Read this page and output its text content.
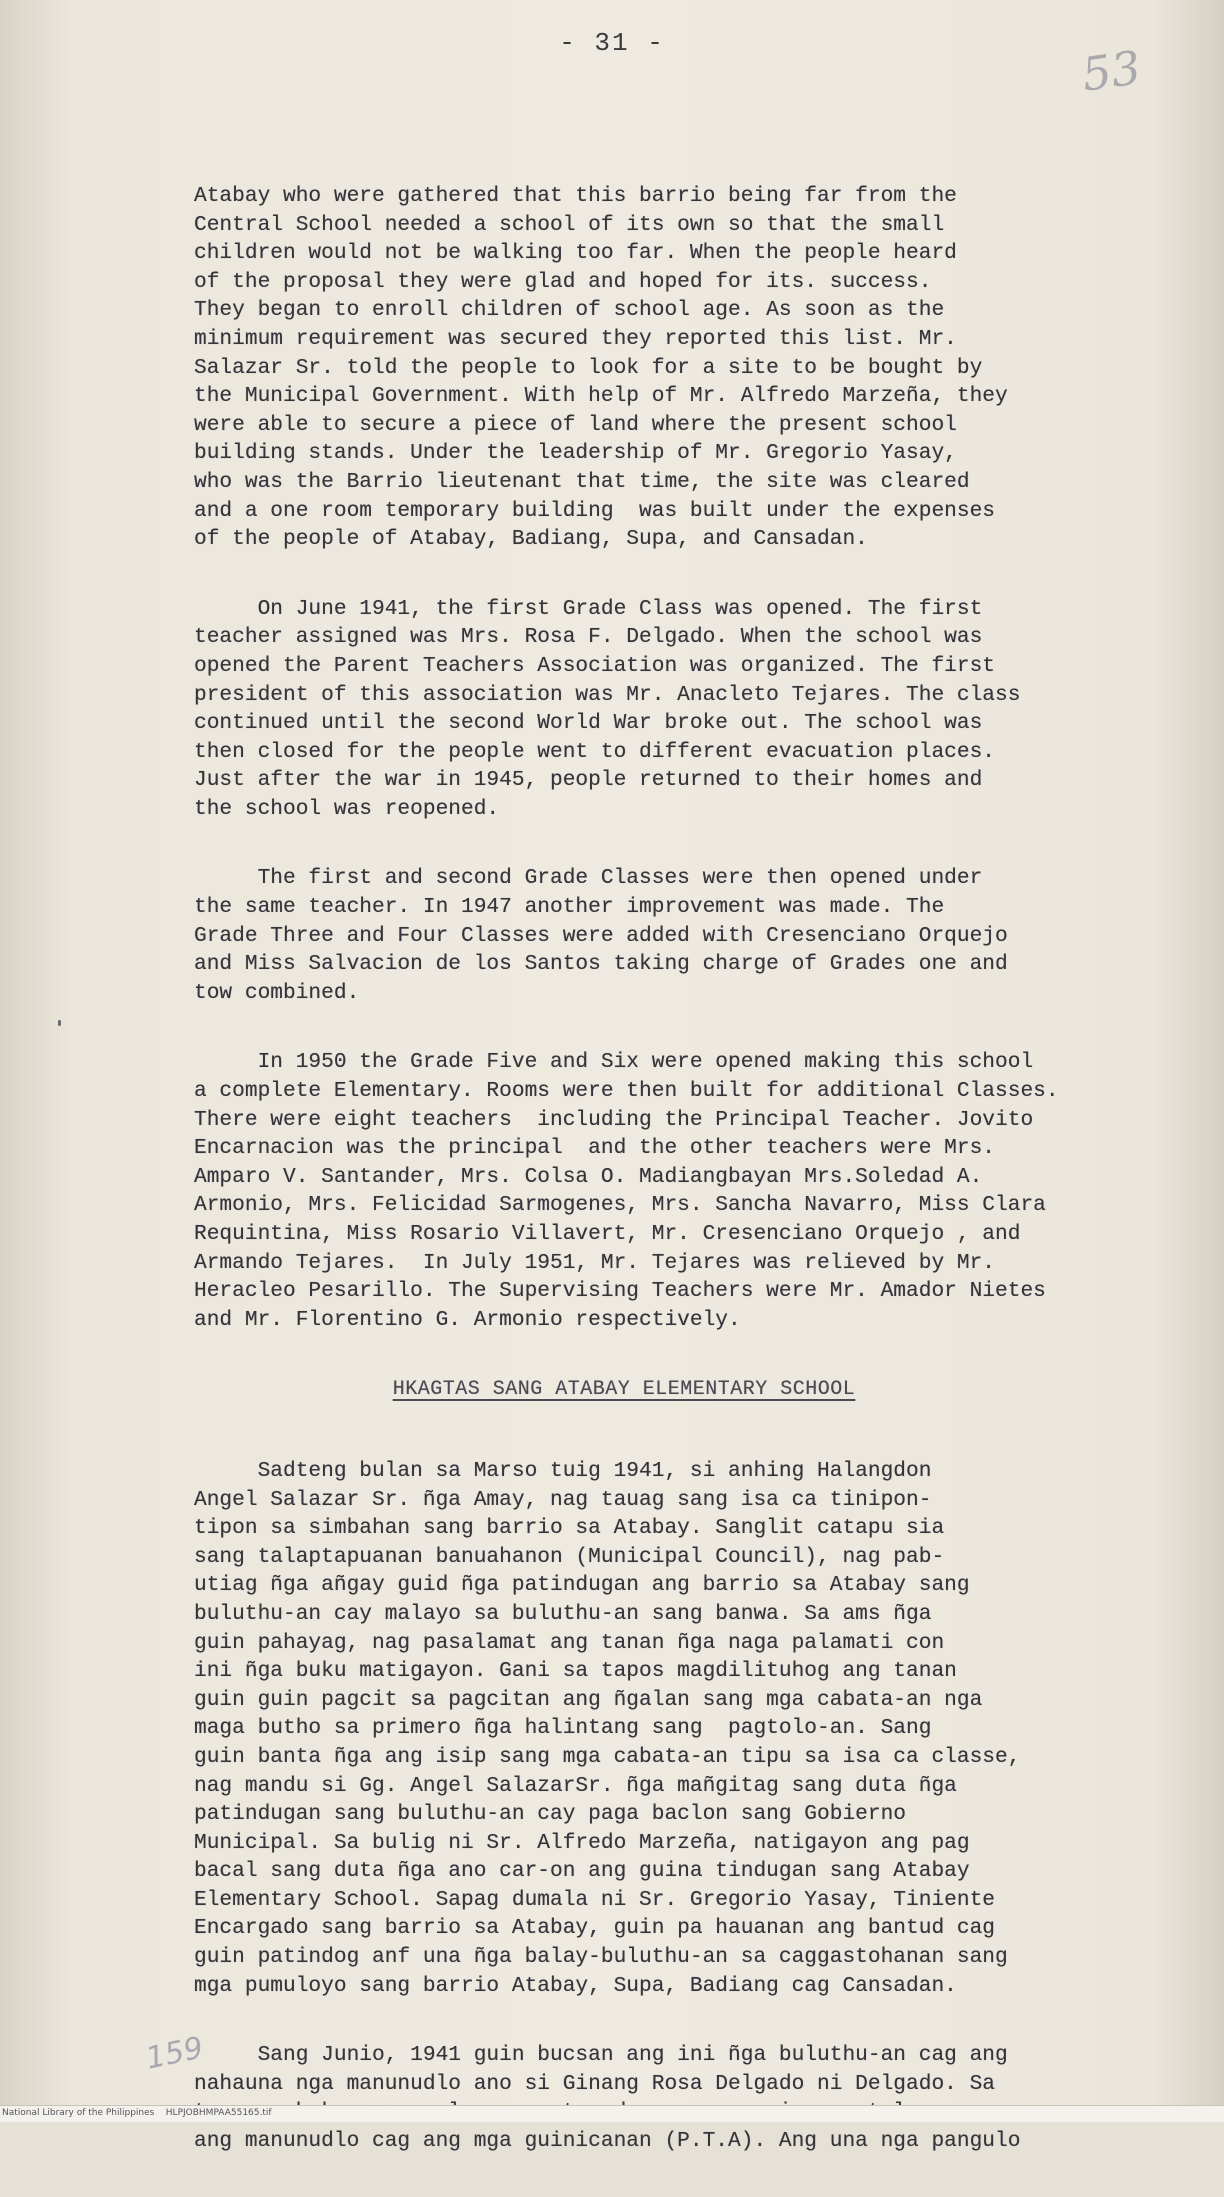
- 31 -	53
Atabay who were gathered that this barrio being far from the
Central School needed a school of its own so that the small
children would not be walking too far. When the people heard
of the proposal they were glad and hoped for its. success.
They began to enroll children of school age. As soon as the
minimum requirement was secured they reported this list. Mr.
Salazar Sr. told the people to look for a site to be bought by
the Municipal Government. With help of Mr. Alfredo Marzeña, they
were able to secure a piece of land where the present school
building stands. Under the leadership of Mr. Gregorio Yasay,
who was the Barrio lieutenant that time, the site was cleared
and a one room temporary building  was built under the expenses
of the people of Atabay, Badiang, Supa, and Cansadan.
On June 1941, the first Grade Class was opened. The first
teacher assigned was Mrs. Rosa F. Delgado. When the school was
opened the Parent Teachers Association was organized. The first
president of this association was Mr. Anacleto Tejares. The class
continued until the second World War broke out. The school was
then closed for the people went to different evacuation places.
Just after the war in 1945, people returned to their homes and
the school was reopened.
The first and second Grade Classes were then opened under
the same teacher. In 1947 another improvement was made. The
Grade Three and Four Classes were added with Cresenciano Orquejo
and Miss Salvacion de los Santos taking charge of Grades one and
tow combined.
In 1950 the Grade Five and Six were opened making this school
a complete Elementary. Rooms were then built for additional Classes.
There were eight teachers  including the Principal Teacher. Jovito
Encarnacion was the principal  and the other teachers were Mrs.
Amparo V. Santander, Mrs. Colsa O. Madiangbayan Mrs.Soledad A.
Armonio, Mrs. Felicidad Sarmogenes, Mrs. Sancha Navarro, Miss Clara
Requintina, Miss Rosario Villavert, Mr. Cresenciano Orquejo , and
Armando Tejares.  In July 1951, Mr. Tejares was relieved by Mr.
Heracleo Pesarillo. The Supervising Teachers were Mr. Amador Nietes
and Mr. Florentino G. Armonio respectively.
HKAGTAS SANG ATABAY ELEMENTARY SCHOOL
Sadteng bulan sa Marso tuig 1941, si anhing Halangdon
Angel Salazar Sr. ñga Amay, nag tauag sang isa ca tinipon-
tipon sa simbahan sang barrio sa Atabay. Sanglit catapu sia
sang talaptapuanan banuahanon (Municipal Council), nag pab-
utiag ñga añgay guid ñga patindugan ang barrio sa Atabay sang
buluthu-an cay malayo sa buluthu-an sang banwa. Sa ams ñga
guin pahayag, nag pasalamat ang tanan ñga naga palamati con
ini ñga buku matigayon. Gani sa tapos magdilituhog ang tanan
guin guin pagcit sa pagcitan ang ñgalan sang mga cabata-an nga
maga butho sa primero ñga halintang sang  pagtolo-an. Sang
guin banta ñga ang isip sang mga cabata-an tipu sa isa ca classe,
nag mandu si Gg. Angel SalazarSr. ñga mañgitag sang duta ñga
patindugan sang buluthu-an cay paga baclon sang Gobierno
Municipal. Sa bulig ni Sr. Alfredo Marzeña, natigayon ang pag
bacal sang duta ñga ano car-on ang guina tindugan sang Atabay
Elementary School. Sapag dumala ni Sr. Gregorio Yasay, Tiniente
Encargado sang barrio sa Atabay, guin pa hauanan ang bantud cag
guin patindog anf una ñga balay-buluthu-an sa caggastohanan sang
mga pumuloyo sang barrio Atabay, Supa, Badiang cag Cansadan.
Sang Junio, 1941 guin bucsan ang ini ñga buluthu-an cag ang
nahauna nga manunudlo ano si Ginang Rosa Delgado ni Delgado. Sa
ang manunudlo cag ang mga guinicanan (P.T.A). Ang una nga pangulo
159
National Library of the Philippines    HLPJOBHMPAA55165.tif
